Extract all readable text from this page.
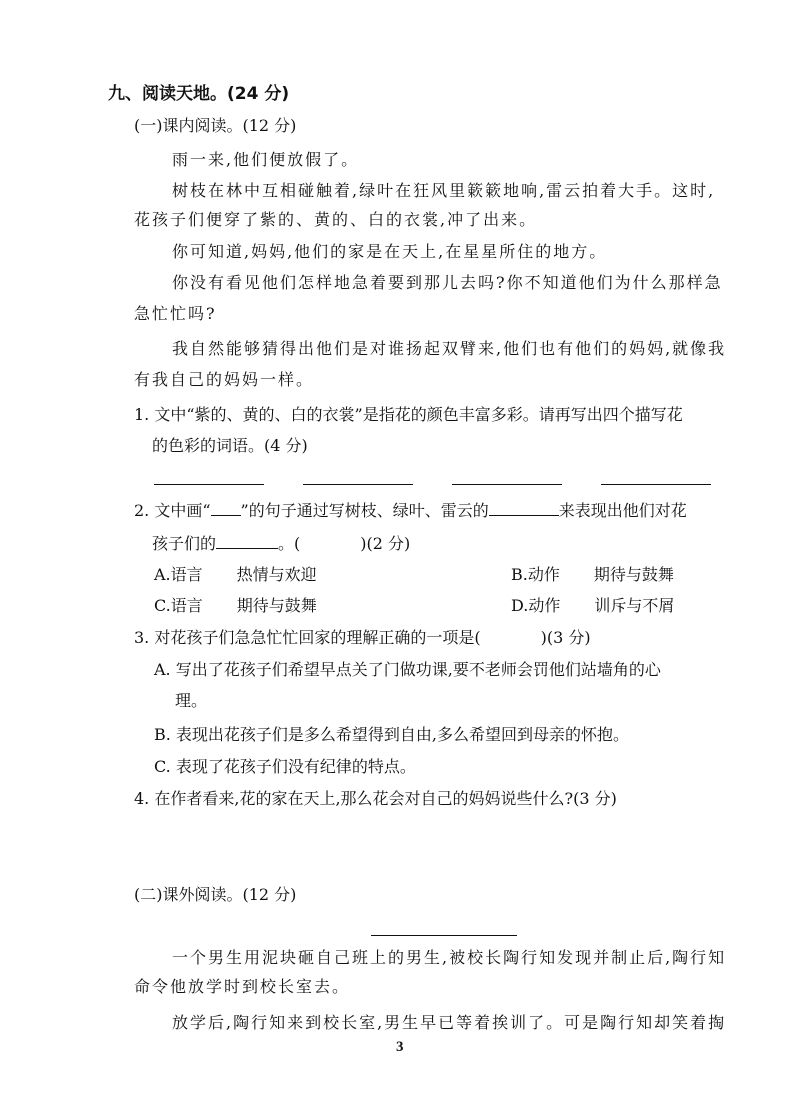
九、阅读天地。(24 分)
(一)课内阅读。(12 分)
雨一来,他们便放假了。
树枝在林中互相碰触着,绿叶在狂风里簌簌地响,雷云拍着大手。这时,
花孩子们便穿了紫的、黄的、白的衣裳,冲了出来。
你可知道,妈妈,他们的家是在天上,在星星所住的地方。
你没有看见他们怎样地急着要到那儿去吗?你不知道他们为什么那样急
急忙忙吗?
我自然能够猜得出他们是对谁扬起双臂来,他们也有他们的妈妈,就像我
有我自己的妈妈一样。
1. 文中“紫的、黄的、白的衣裳”是指花的颜色丰富多彩。请再写出四个描写花
的色彩的词语。(4 分)
2. 文中画“ ”的句子通过写树枝、绿叶、雷云的	来表现出他们对花
孩子们的	。(	)(2 分)
A.语言 热情与欢迎	B.动作 期待与鼓舞
C.语言 期待与鼓舞	D.动作 训斥与不屑
3. 对花孩子们急急忙忙回家的理解正确的一项是(	)(3 分)
A. 写出了花孩子们希望早点关了门做功课,要不老师会罚他们站墙角的心
理。
B. 表现出花孩子们是多么希望得到自由,多么希望回到母亲的怀抱。
C. 表现了花孩子们没有纪律的特点。
4. 在作者看来,花的家在天上,那么花会对自己的妈妈说些什么?(3 分)
(二)课外阅读。(12 分)
一个男生用泥块砸自己班上的男生,被校长陶行知发现并制止后,陶行知
命令他放学时到校长室去。
放学后,陶行知来到校长室,男生早已等着挨训了。可是陶行知却笑着掏
3
